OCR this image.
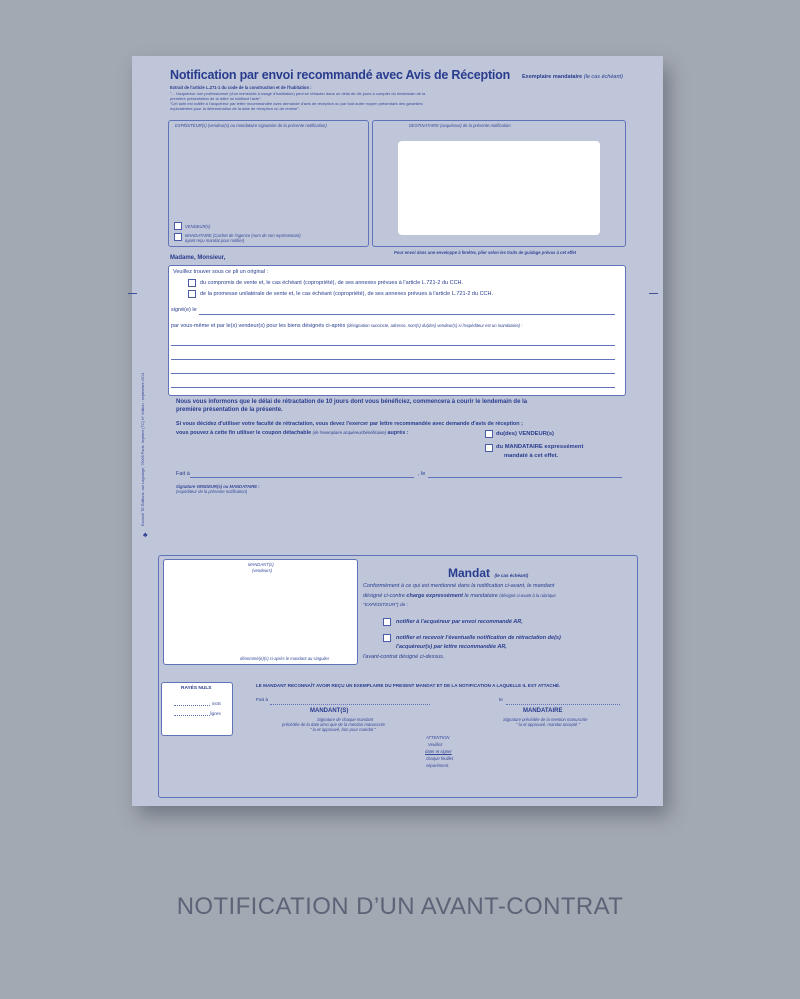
Notification par envoi recommandé avec Avis de Réception Exemplaire mandataire (le cas échéant)
Extrait de l'article L.271-1 du code de la construction et de l'habitation :
"... l'acquéreur non professionnel (d'un immeuble à usage d'habitation) peut se rétracter dans un délai de dix jours à compter du lendemain de la
première présentation de la lettre lui notifiant l'acte".
"Cet acte est notifié à l'acquéreur par lettre recommandée avec demande d'avis de réception ou par tout autre moyen présentant des garanties
équivalentes pour la détermination de la date de réception ou de remise".
EXPÉDITEUR(s) (vendeur(s) ou mandataire signataire de la présente notification)
VENDEUR(s)
MANDATAIRE (Cachet de l'agence (nom de son représentant)
ayant reçu mandat pour notifier)
DESTINATAIRE (acquéreur) de la présente notification
Pour envoi dans une enveloppe à fenêtre, plier selon les traits de guidage prévus à cet effet
Madame, Monsieur,
Veuillez trouver sous ce pli un original :
du compromis de vente et, le cas échéant (copropriété), de ses annexes prévues à l'article L.721-2 du CCH.
de la promesse unilatérale de vente et, le cas échéant (copropriété), de ses annexes prévues à l'article L.721-2 du CCH.
signé(e) le
par vous-même et par le(s) vendeur(s) pour les biens désignés ci-après (désignation succincte, adresse, nom(s) du(des) vendeur(s) si l'expéditeur est un mandataire) :
Nous vous informons que le délai de rétractation de 10 jours dont vous bénéficiez, commencera à courir le lendemain de la
première présentation de la présente.
Si vous décidez d'utiliser votre faculté de rétractation, vous devez l'exercer par lettre recommandée avec demande d'avis de réception ;
vous pouvez à cette fin utiliser le coupon détachable (de l'exemplaire acquéreur/bénéficiaire) auprès :	du(des) VENDEUR(s)
du MANDATAIRE expressément
mandaté à cet effet.
Fait à	, le
Signature VENDEUR(s) ou MANDATAIRE :
(expéditeur de la présente notification)
Exclusif TE Éditions, rue Lagrange, 75005 Paris, Imprimé (TC) N° édition : septembre 2013
♣
MANDANT(s)
(vendeurs)
dénommé(e)(s) ci-après le mandant au singulier
Mandat (le cas échéant)
Conformément à ce qui est mentionné dans la notification ci-avant, le mandant
désigné ci-contre charge expressément le mandataire (désigné ci-avant à la rubrique
"EXPÉDITEUR") de :
notifier à l'acquéreur par envoi recommandé AR,
notifier et recevoir l'éventuelle notification de rétractation de(s)
l'acquéreur(s) par lettre recommandée AR,
l'avant-contrat désigné ci-dessus.
RAYÉS NULS
mots
lignes
LE MANDANT RECONNAÎT AVOIR REÇU UN EXEMPLAIRE DU PRESENT MANDAT ET DE LA NOTIFICATION A LAQUELLE IL EST ATTACHÉ.
Fait à	le
MANDANT(S)
Signature de chaque mandant
précédée de la date ainsi que de la mention manuscrite
" lu et approuvé, bon pour mandat "
MANDATAIRE
Signature précédée de la mention manuscrite
" lu et approuvé, mandat accepté "
ATTENTION
Veuillez
dater et signer
chaque feuillet
séparément.
NOTIFICATION D’UN AVANT-CONTRAT
